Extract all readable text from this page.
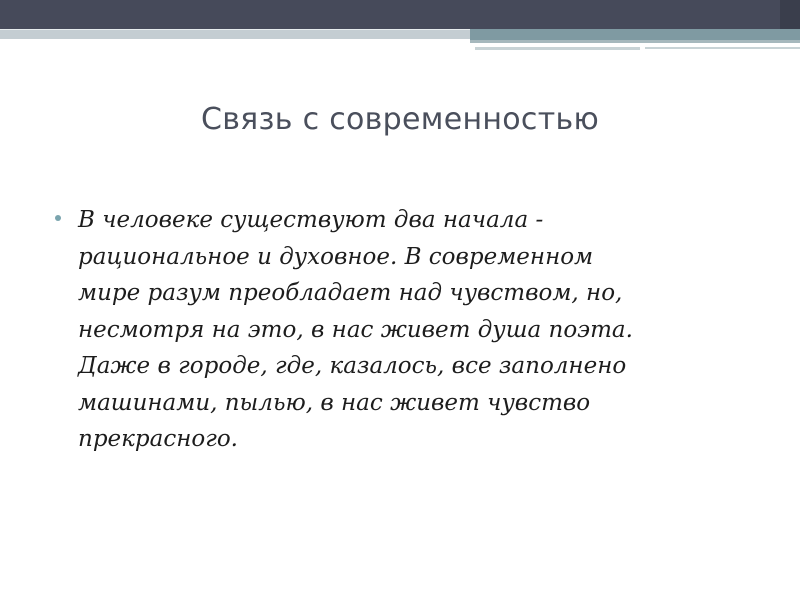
Связь с современностью

В человеке существуют два начала -
рациональное и духовное. В современном
мире разум преобладает над чувством, но,
несмотря на это, в нас живет душа поэта.
Даже в городе, где, казалось, все заполнено
машинами, пылью, в нас живет чувство
прекрасного.
